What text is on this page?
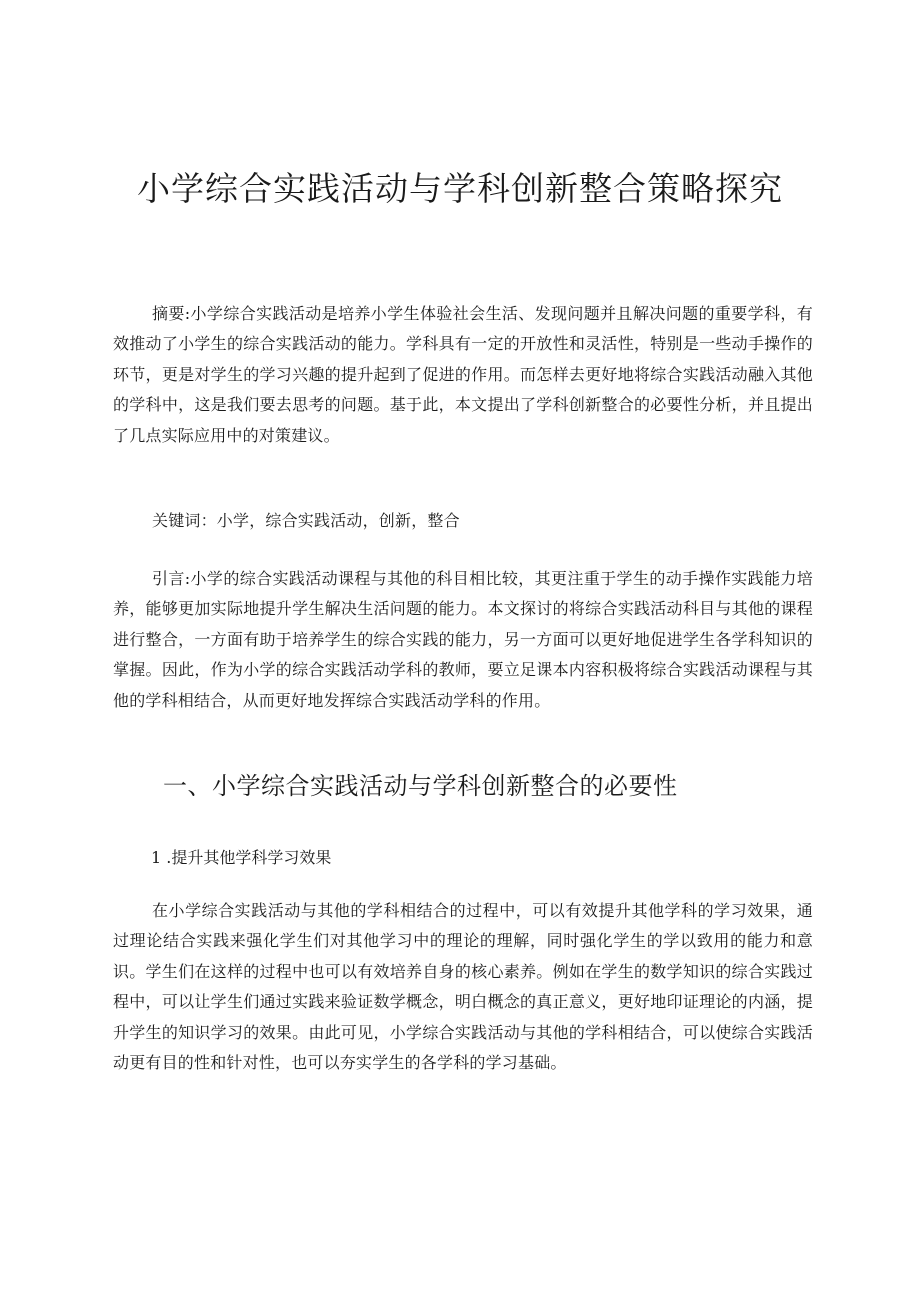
小学综合实践活动与学科创新整合策略探究

摘要:小学综合实践活动是培养小学生体验社会生活、发现问题并且解决问题的重要学科，有效推动了小学生的综合实践活动的能力。学科具有一定的开放性和灵活性，特别是一些动手操作的环节，更是对学生的学习兴趣的提升起到了促进的作用。而怎样去更好地将综合实践活动融入其他的学科中，这是我们要去思考的问题。基于此，本文提出了学科创新整合的必要性分析，并且提出了几点实际应用中的对策建议。

关键词：小学，综合实践活动，创新，整合

引言:小学的综合实践活动课程与其他的科目相比较，其更注重于学生的动手操作实践能力培养，能够更加实际地提升学生解决生活问题的能力。本文探讨的将综合实践活动科目与其他的课程进行整合，一方面有助于培养学生的综合实践的能力，另一方面可以更好地促进学生各学科知识的掌握。因此，作为小学的综合实践活动学科的教师，要立足课本内容积极将综合实践活动课程与其他的学科相结合，从而更好地发挥综合实践活动学科的作用。

一、小学综合实践活动与学科创新整合的必要性

1 .提升其他学科学习效果

在小学综合实践活动与其他的学科相结合的过程中，可以有效提升其他学科的学习效果，通过理论结合实践来强化学生们对其他学习中的理论的理解，同时强化学生的学以致用的能力和意识。学生们在这样的过程中也可以有效培养自身的核心素养。例如在学生的数学知识的综合实践过程中，可以让学生们通过实践来验证数学概念，明白概念的真正意义，更好地印证理论的内涵，提升学生的知识学习的效果。由此可见，小学综合实践活动与其他的学科相结合，可以使综合实践活动更有目的性和针对性，也可以夯实学生的各学科的学习基础。
